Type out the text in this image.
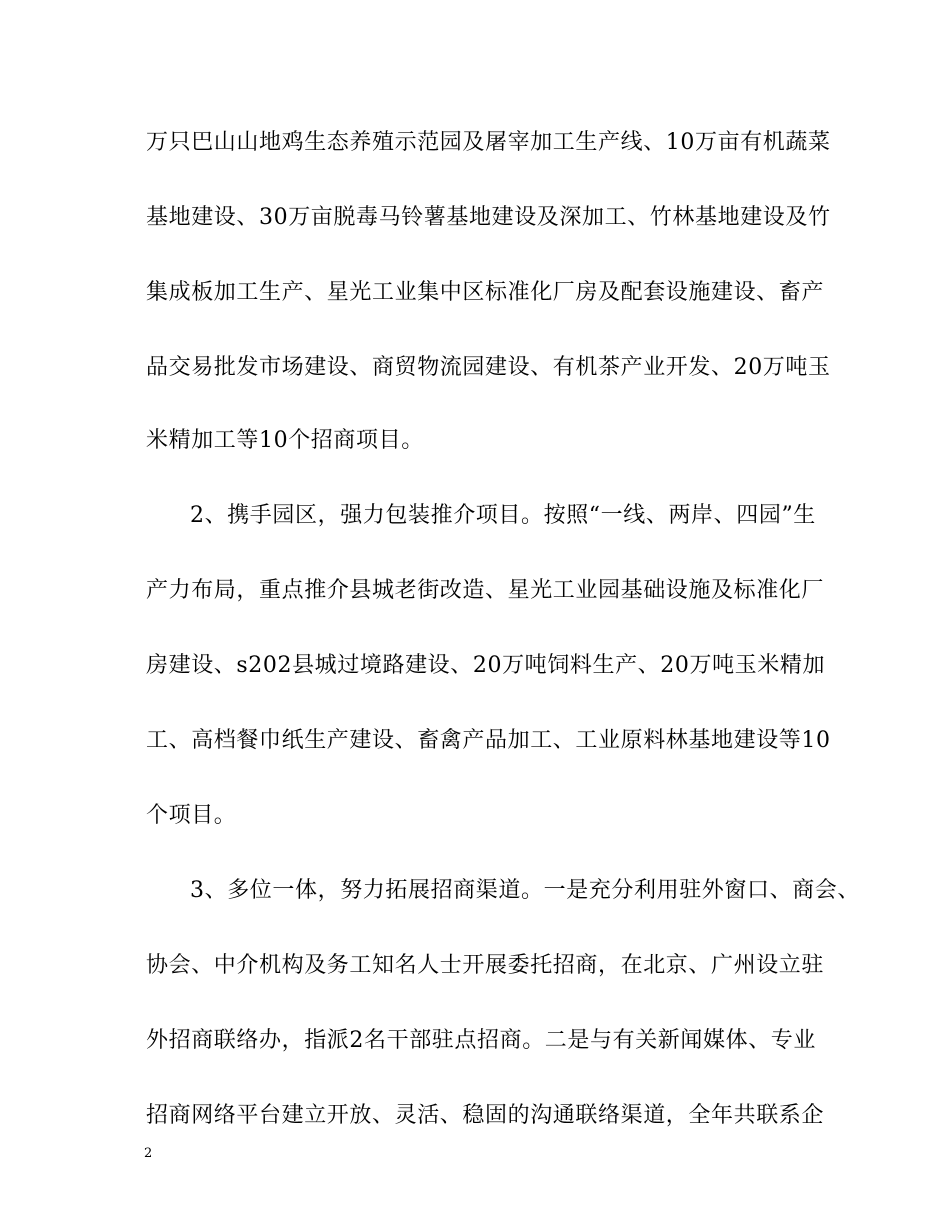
万只巴山山地鸡生态养殖示范园及屠宰加工生产线、10万亩有机蔬菜
基地建设、30万亩脱毒马铃薯基地建设及深加工、竹林基地建设及竹
集成板加工生产、星光工业集中区标准化厂房及配套设施建设、畜产
品交易批发市场建设、商贸物流园建设、有机茶产业开发、20万吨玉
米精加工等10个招商项目。
2、携手园区，强力包装推介项目。按照“一线、两岸、四园”生
产力布局，重点推介县城老街改造、星光工业园基础设施及标准化厂
房建设、s202县城过境路建设、20万吨饲料生产、20万吨玉米精加
工、高档餐巾纸生产建设、畜禽产品加工、工业原料林基地建设等10
个项目。
3、多位一体，努力拓展招商渠道。一是充分利用驻外窗口、商会、
协会、中介机构及务工知名人士开展委托招商，在北京、广州设立驻
外招商联络办，指派2名干部驻点招商。二是与有关新闻媒体、专业
招商网络平台建立开放、灵活、稳固的沟通联络渠道，全年共联系企
2
